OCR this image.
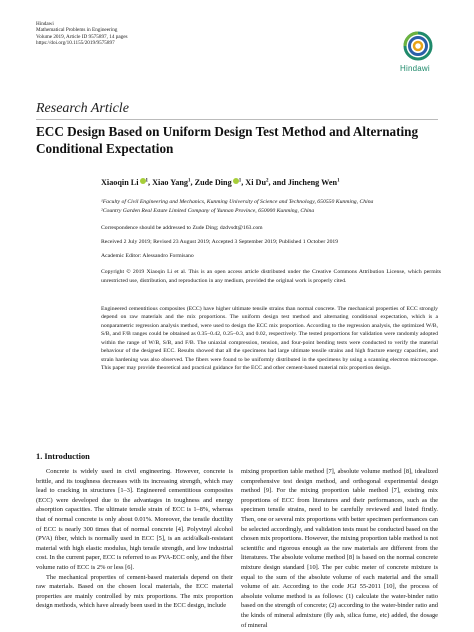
Hindawi
Mathematical Problems in Engineering
Volume 2019, Article ID 9575897, 14 pages
https://doi.org/10.1155/2019/9575897
Hindawi
Research Article
ECC Design Based on Uniform Design Test Method and Alternating Conditional Expectation
Xiaoqin Li $^1$, Xiao Yang$^1$, Zude Ding $^1$, Xi Du$^2$, and Jincheng Wen$^1$
¹Faculty of Civil Engineering and Mechanics, Kunming University of Science and Technology, 650550 Kunming, China
²Country Garden Real Estate Limited Company of Yunnan Province, 650000 Kunming, China
Correspondence should be addressed to Zude Ding; dzdvsdt@163.com
Received 2 July 2019; Revised 23 August 2019; Accepted 3 September 2019; Published 1 October 2019
Academic Editor: Alessandro Formisano
Copyright © 2019 Xiaoqin Li et al. This is an open access article distributed under the Creative Commons Attribution License, which permits unrestricted use, distribution, and reproduction in any medium, provided the original work is properly cited.
Engineered cementitious composites (ECC) have higher ultimate tensile strains than normal concrete. The mechanical properties of ECC strongly depend on raw materials and the mix proportions. The uniform design test method and alternating conditional expectation, which is a nonparametric regression analysis method, were used to design the ECC mix proportion. According to the regression analysis, the optimized W/B, S/B, and F/B ranges could be obtained as 0.35–0.42, 0.25–0.3, and 0.02, respectively. The tested proportions for validation were randomly adopted within the range of W/B, S/B, and F/B. The uniaxial compression, tension, and four-point bending tests were conducted to verify the material behaviour of the designed ECC. Results showed that all the specimens had large ultimate tensile strains and high fracture energy capacities, and strain hardening was also observed. The fibers were found to be uniformly distributed in the specimens by using a scanning electron microscope. This paper may provide theoretical and practical guidance for the ECC and other cement-based material mix proportion design.
1. Introduction

Concrete is widely used in civil engineering. However, concrete is brittle, and its toughness decreases with its increasing strength, which may lead to cracking in structures [1–3]. Engineered cementitious composites (ECC) were developed due to the advantages in toughness and energy absorption capacities. The ultimate tensile strain of ECC is 1–8%, whereas that of normal concrete is only about 0.01%. Moreover, the tensile ductility of ECC is nearly 300 times that of normal concrete [4]. Polyvinyl alcohol (PVA) fiber, which is normally used in ECC [5], is an acid/alkali-resistant material with high elastic modulus, high tensile strength, and low industrial cost. In the current paper, ECC is referred to as PVA-ECC only, and the fiber volume ratio of ECC is 2% or less [6].

The mechanical properties of cement-based materials depend on their raw materials. Based on the chosen local materials, the ECC material properties are mainly controlled by mix proportions. The mix proportion design methods, which have already been used in the ECC design, include

mixing proportion table method [7], absolute volume method [8], idealized comprehensive test design method, and orthogonal experimental design method [9]. For the mixing proportion table method [7], existing mix proportions of ECC from literatures and their performances, such as the specimen tensile strains, need to be carefully reviewed and listed firstly. Then, one or several mix proportions with better specimen performances can be selected accordingly, and validation tests must be conducted based on the chosen mix proportions. However, the mixing proportion table method is not scientific and rigorous enough as the raw materials are different from the literatures. The absolute volume method [8] is based on the normal concrete mixture design standard [10]. The per cubic meter of concrete mixture is equal to the sum of the absolute volume of each material and the small volume of air. According to the code JGJ 55-2011 [10], the process of absolute volume method is as follows: (1) calculate the water-binder ratio based on the strength of concrete; (2) according to the water-binder ratio and the kinds of mineral admixture (fly ash, silica fume, etc) added, the dosage of mineral
